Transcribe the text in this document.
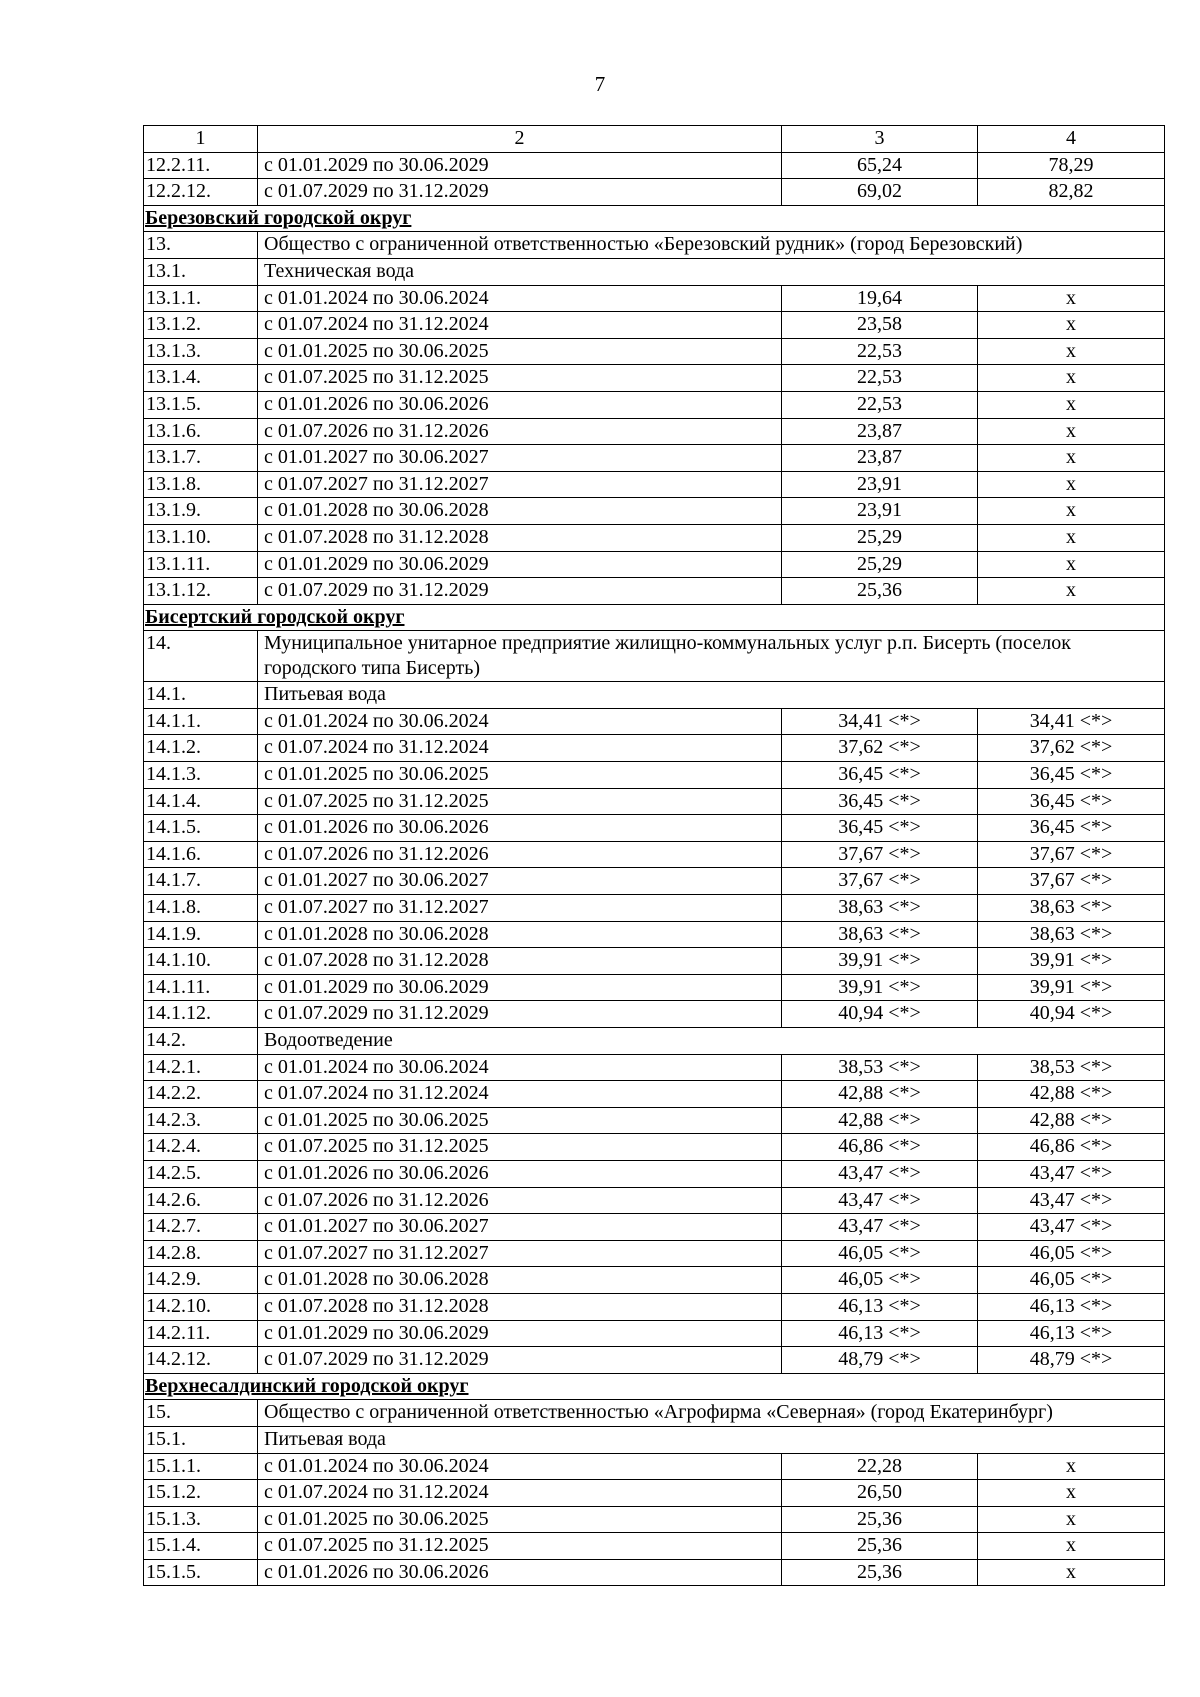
7
1	2	3	4
12.2.11.	с 01.01.2029 по 30.06.2029	65,24	78,29
12.2.12.	с 01.07.2029 по 31.12.2029	69,02	82,82
Березовский городской округ			
13.	Общество с ограниченной ответственностью «Березовский рудник» (город Березовский)		
13.1.	Техническая вода		
13.1.1.	с 01.01.2024 по 30.06.2024	19,64	x
13.1.2.	с 01.07.2024 по 31.12.2024	23,58	x
13.1.3.	с 01.01.2025 по 30.06.2025	22,53	x
13.1.4.	с 01.07.2025 по 31.12.2025	22,53	x
13.1.5.	с 01.01.2026 по 30.06.2026	22,53	x
13.1.6.	с 01.07.2026 по 31.12.2026	23,87	x
13.1.7.	с 01.01.2027 по 30.06.2027	23,87	x
13.1.8.	с 01.07.2027 по 31.12.2027	23,91	x
13.1.9.	с 01.01.2028 по 30.06.2028	23,91	x
13.1.10.	с 01.07.2028 по 31.12.2028	25,29	x
13.1.11.	с 01.01.2029 по 30.06.2029	25,29	x
13.1.12.	с 01.07.2029 по 31.12.2029	25,36	x
Бисертский городской округ			
14.	Муниципальное унитарное предприятие жилищно-коммунальных услуг р.п. Бисерть (поселок городского типа Бисерть)		
14.1.	Питьевая вода		
14.1.1.	с 01.01.2024 по 30.06.2024	34,41 <*>	34,41 <*>
14.1.2.	с 01.07.2024 по 31.12.2024	37,62 <*>	37,62 <*>
14.1.3.	с 01.01.2025 по 30.06.2025	36,45 <*>	36,45 <*>
14.1.4.	с 01.07.2025 по 31.12.2025	36,45 <*>	36,45 <*>
14.1.5.	с 01.01.2026 по 30.06.2026	36,45 <*>	36,45 <*>
14.1.6.	с 01.07.2026 по 31.12.2026	37,67 <*>	37,67 <*>
14.1.7.	с 01.01.2027 по 30.06.2027	37,67 <*>	37,67 <*>
14.1.8.	с 01.07.2027 по 31.12.2027	38,63 <*>	38,63 <*>
14.1.9.	с 01.01.2028 по 30.06.2028	38,63 <*>	38,63 <*>
14.1.10.	с 01.07.2028 по 31.12.2028	39,91 <*>	39,91 <*>
14.1.11.	с 01.01.2029 по 30.06.2029	39,91 <*>	39,91 <*>
14.1.12.	с 01.07.2029 по 31.12.2029	40,94 <*>	40,94 <*>
14.2.	Водоотведение		
14.2.1.	с 01.01.2024 по 30.06.2024	38,53 <*>	38,53 <*>
14.2.2.	с 01.07.2024 по 31.12.2024	42,88 <*>	42,88 <*>
14.2.3.	с 01.01.2025 по 30.06.2025	42,88 <*>	42,88 <*>
14.2.4.	с 01.07.2025 по 31.12.2025	46,86 <*>	46,86 <*>
14.2.5.	с 01.01.2026 по 30.06.2026	43,47 <*>	43,47 <*>
14.2.6.	с 01.07.2026 по 31.12.2026	43,47 <*>	43,47 <*>
14.2.7.	с 01.01.2027 по 30.06.2027	43,47 <*>	43,47 <*>
14.2.8.	с 01.07.2027 по 31.12.2027	46,05 <*>	46,05 <*>
14.2.9.	с 01.01.2028 по 30.06.2028	46,05 <*>	46,05 <*>
14.2.10.	с 01.07.2028 по 31.12.2028	46,13 <*>	46,13 <*>
14.2.11.	с 01.01.2029 по 30.06.2029	46,13 <*>	46,13 <*>
14.2.12.	с 01.07.2029 по 31.12.2029	48,79 <*>	48,79 <*>
Верхнесалдинский городской округ			
15.	Общество с ограниченной ответственностью «Агрофирма «Северная» (город Екатеринбург)		
15.1.	Питьевая вода		
15.1.1.	с 01.01.2024 по 30.06.2024	22,28	x
15.1.2.	с 01.07.2024 по 31.12.2024	26,50	x
15.1.3.	с 01.01.2025 по 30.06.2025	25,36	x
15.1.4.	с 01.07.2025 по 31.12.2025	25,36	x
15.1.5.	с 01.01.2026 по 30.06.2026	25,36	x
